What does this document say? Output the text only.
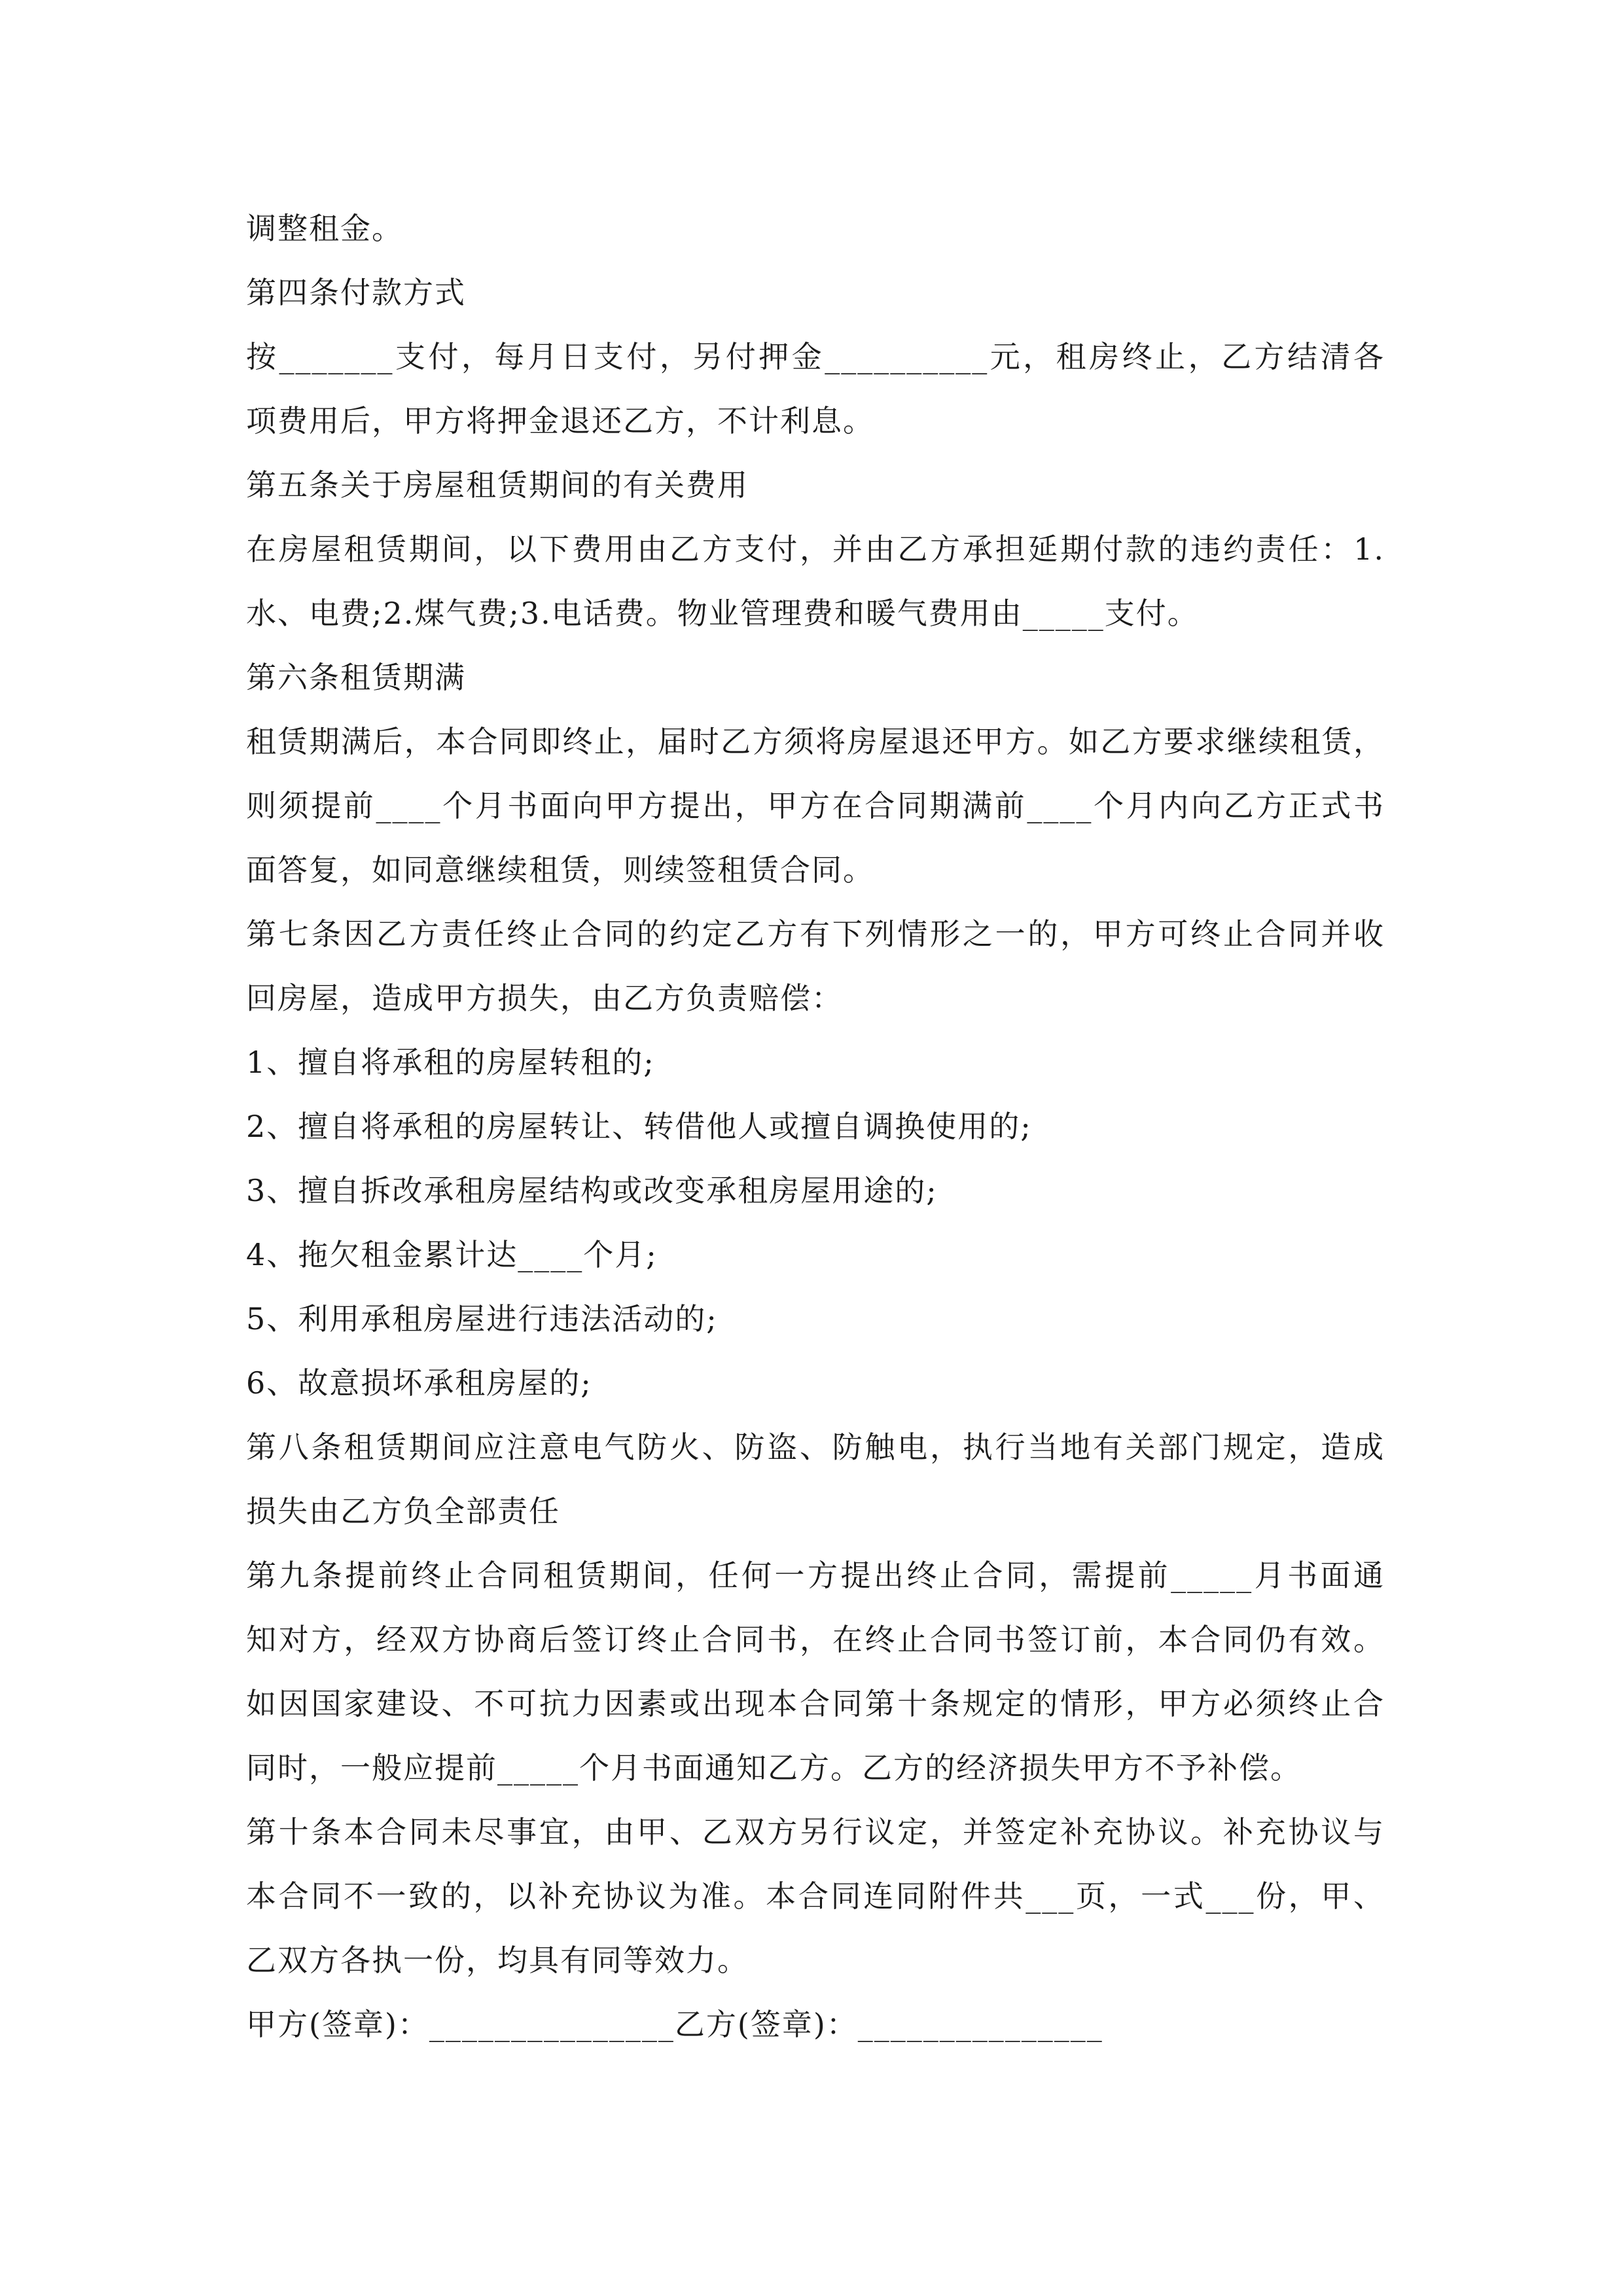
调整租金。
第四条付款方式
按_______支付，每月日支付，另付押金__________元，租房终止，乙方结清各
项费用后，甲方将押金退还乙方，不计利息。
第五条关于房屋租赁期间的有关费用
在房屋租赁期间，以下费用由乙方支付，并由乙方承担延期付款的违约责任：1.
水、电费;2.煤气费;3.电话费。物业管理费和暖气费用由_____支付。
第六条租赁期满
租赁期满后，本合同即终止，届时乙方须将房屋退还甲方。如乙方要求继续租赁，
则须提前____个月书面向甲方提出，甲方在合同期满前____个月内向乙方正式书
面答复，如同意继续租赁，则续签租赁合同。
第七条因乙方责任终止合同的约定乙方有下列情形之一的，甲方可终止合同并收
回房屋，造成甲方损失，由乙方负责赔偿：
1、擅自将承租的房屋转租的;
2、擅自将承租的房屋转让、转借他人或擅自调换使用的;
3、擅自拆改承租房屋结构或改变承租房屋用途的;
4、拖欠租金累计达____个月;
5、利用承租房屋进行违法活动的;
6、故意损坏承租房屋的;
第八条租赁期间应注意电气防火、防盗、防触电，执行当地有关部门规定，造成
损失由乙方负全部责任
第九条提前终止合同租赁期间，任何一方提出终止合同，需提前_____月书面通
知对方，经双方协商后签订终止合同书，在终止合同书签订前，本合同仍有效。
如因国家建设、不可抗力因素或出现本合同第十条规定的情形，甲方必须终止合
同时，一般应提前_____个月书面通知乙方。乙方的经济损失甲方不予补偿。
第十条本合同未尽事宜，由甲、乙双方另行议定，并签定补充协议。补充协议与
本合同不一致的，以补充协议为准。本合同连同附件共___页，一式___份，甲、
乙双方各执一份，均具有同等效力。
甲方(签章)：_______________乙方(签章)：_______________
